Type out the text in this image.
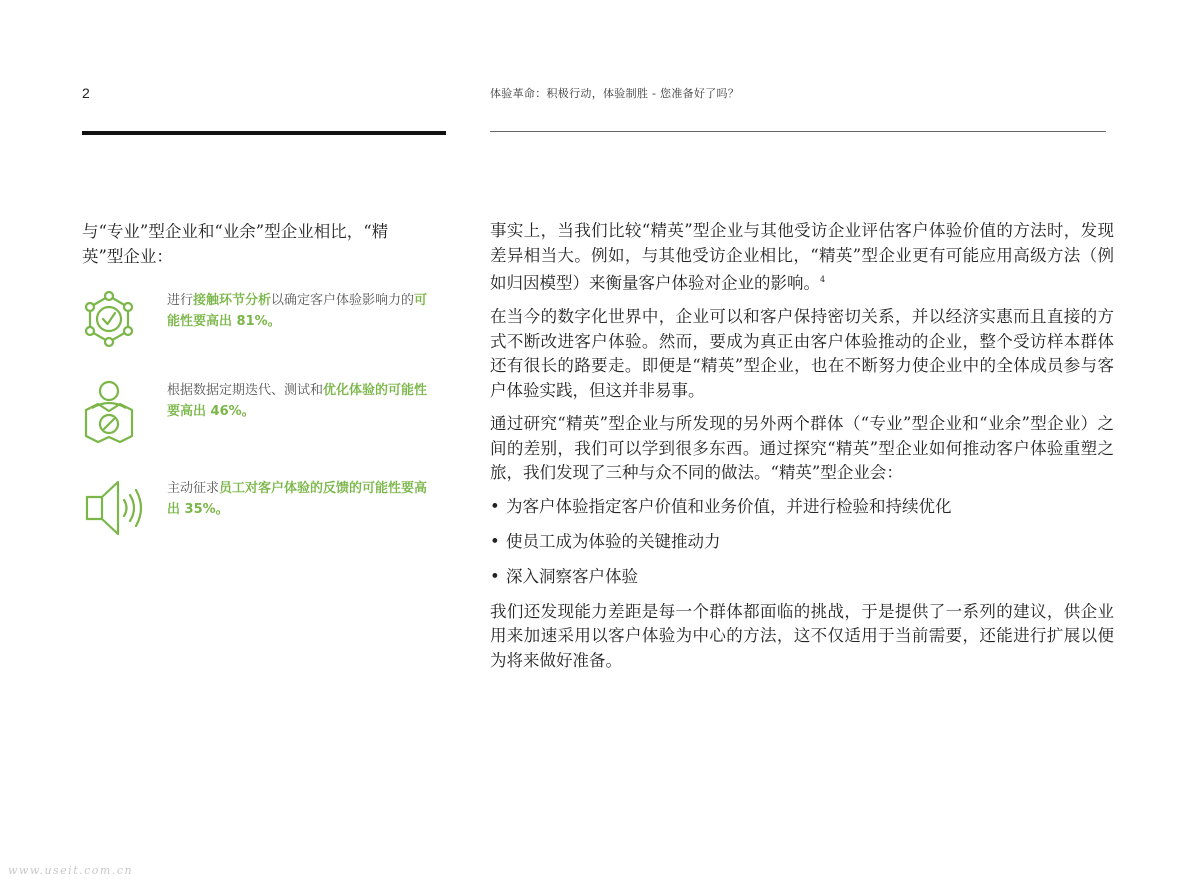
2	体验革命：积极行动，体验制胜 - 您准备好了吗？
与“专业”型企业和“业余”型企业相比，“精英”型企业：
进行接触环节分析以确定客户体验影响力的可能性要高出 81%。
根据数据定期迭代、测试和优化体验的可能性要高出 46%。
主动征求员工对客户体验的反馈的可能性要高出 35%。

事实上，当我们比较“精英”型企业与其他受访企业评估客户体验价值的方法时，发现差异相当大。例如，与其他受访企业相比，“精英”型企业更有可能应用高级方法（例如归因模型）来衡量客户体验对企业的影响。$^4$

在当今的数字化世界中，企业可以和客户保持密切关系，并以经济实惠而且直接的方式不断改进客户体验。然而，要成为真正由客户体验推动的企业，整个受访样本群体还有很长的路要走。即便是“精英”型企业，也在不断努力使企业中的全体成员参与客户体验实践，但这并非易事。

通过研究“精英”型企业与所发现的另外两个群体（“专业”型企业和“业余”型企业）之间的差别，我们可以学到很多东西。通过探究“精英”型企业如何推动客户体验重塑之旅，我们发现了三种与众不同的做法。“精英”型企业会：

• 为客户体验指定客户价值和业务价值，并进行检验和持续优化
• 使员工成为体验的关键推动力
• 深入洞察客户体验

我们还发现能力差距是每一个群体都面临的挑战，于是提供了一系列的建议，供企业用来加速采用以客户体验为中心的方法，这不仅适用于当前需要，还能进行扩展以便为将来做好准备。

www.useit.com.cn
